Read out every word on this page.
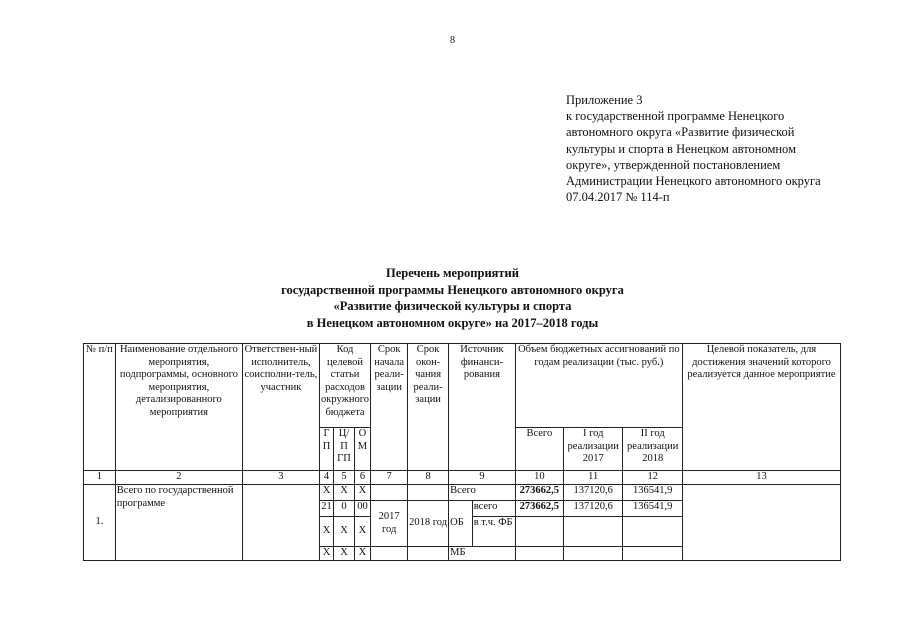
8
Приложение 3
к государственной программе Ненецкого
автономного округа «Развитие физической
культуры и спорта в Ненецком автономном
округе», утвержденной постановлением
Администрации Ненецкого автономного округа
07.04.2017 № 114-п
Перечень мероприятий
государственной программы Ненецкого автономного округа
«Развитие физической культуры и спорта
в Ненецком автономном округе» на 2017–2018 годы
№ п/п	Наименование отдельного мероприятия, подпрограммы, основного мероприятия, детализированного мероприятия	Ответствен-ный исполнитель, соисполни-тель, участник	Код целевой статьи расходов окружного бюджета			Срок начала реали-зации	Срок окон-чания реали-зации	Источник финанси-рования		Объем бюджетных ассигнований по годам реализации (тыс. руб.)			Целевой показатель, для достижения значений которого реализуется данное мероприятие
			Г П	Ц/П ГП	О М					Всего	I год реализации 2017	II год реализации 2018	
1	2	3	4	5	6	7	8	9		10	11	12	13
1.	Всего по государственной программе		Х	Х	Х			Всего		273662,5	137120,6	136541,9	
			21	0	00	2017 год	2018 год	ОБ	всего	273662,5	137120,6	136541,9	
			Х	Х	Х				в т.ч. ФБ				
			Х	Х	Х			МБ					
